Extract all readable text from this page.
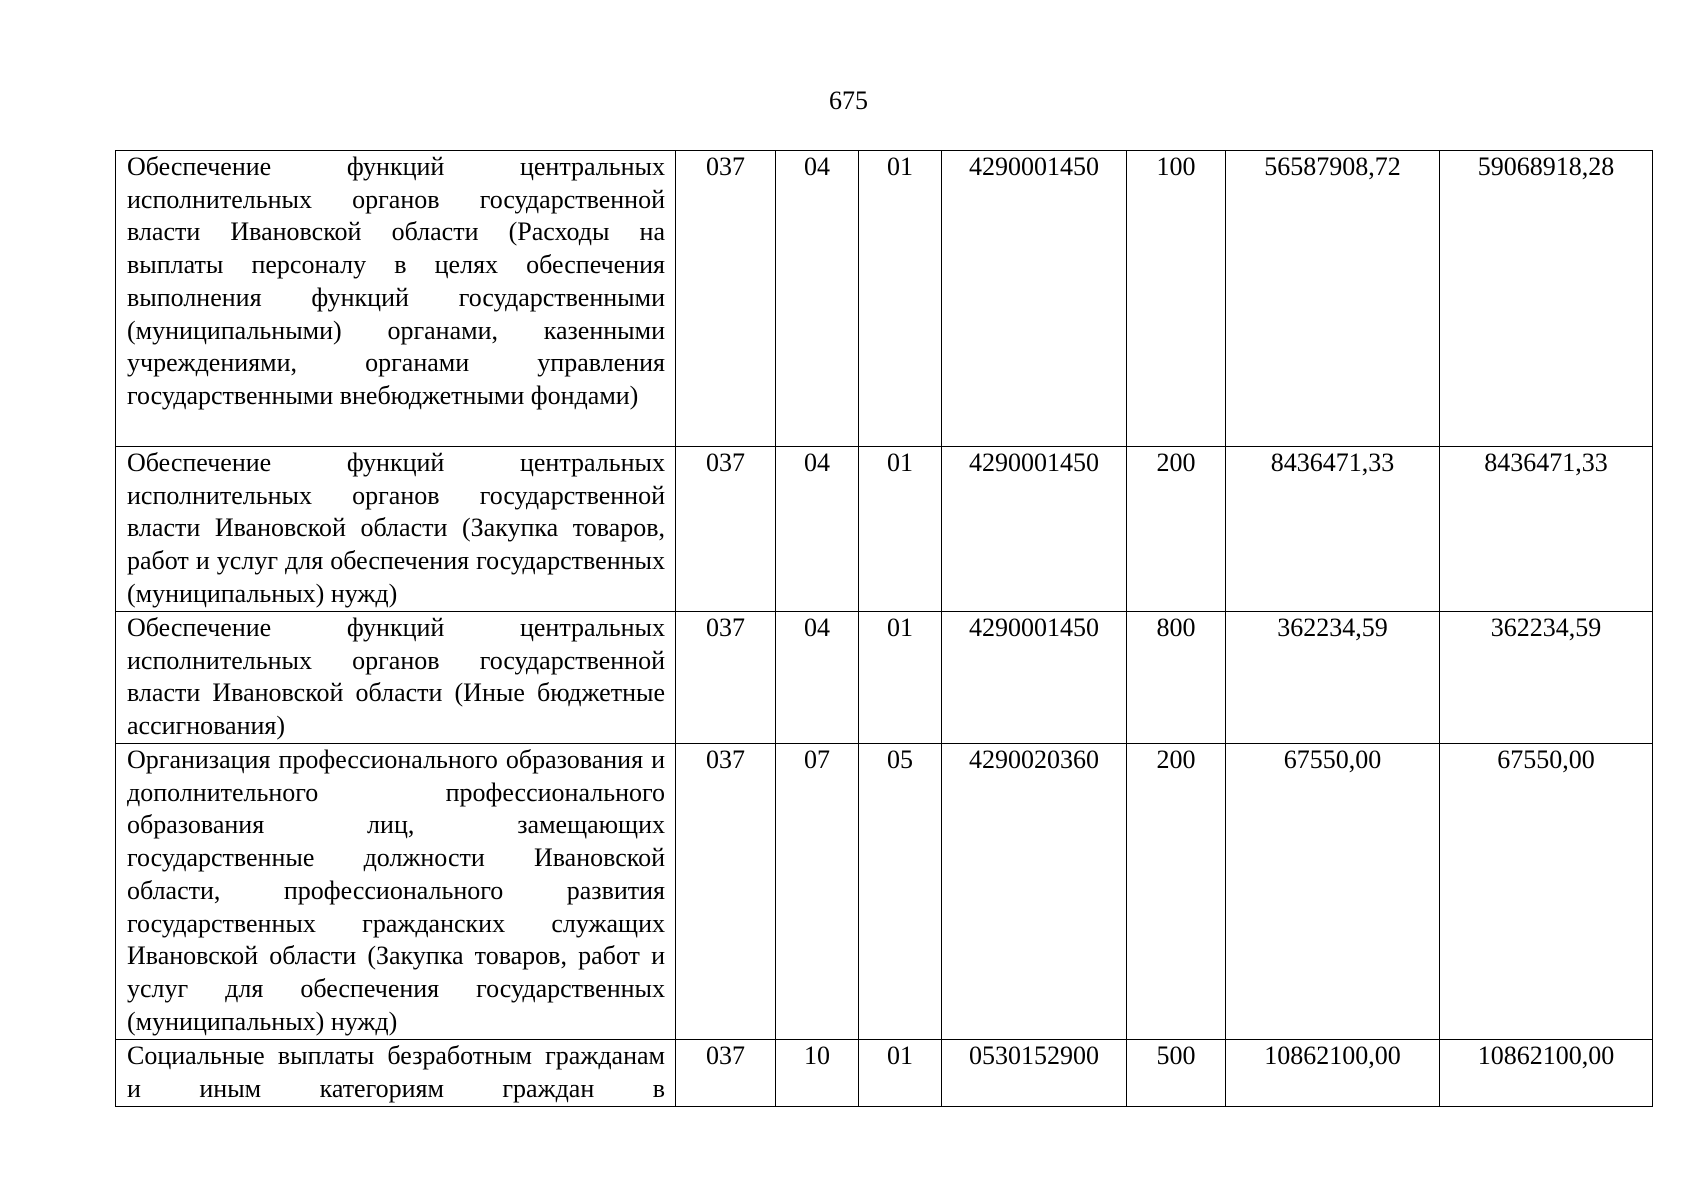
675
Обеспечение функций центральных исполнительных органов государственной власти Ивановской области (Расходы на выплаты персоналу в целях обеспечения выполнения функций государственными (муниципальными) органами, казенными учреждениями, органами управления государственными внебюджетными фондами)	037	04	01	4290001450	100	56587908,72	59068918,28
Обеспечение функций центральных исполнительных органов государственной власти Ивановской области (Закупка товаров, работ и услуг для обеспечения государственных (муниципальных) нужд)	037	04	01	4290001450	200	8436471,33	8436471,33
Обеспечение функций центральных исполнительных органов государственной власти Ивановской области (Иные бюджетные ассигнования)	037	04	01	4290001450	800	362234,59	362234,59
Организация профессионального образования и дополнительного профессионального образования лиц, замещающих государственные должности Ивановской области, профессионального развития государственных гражданских служащих Ивановской области (Закупка товаров, работ и услуг для обеспечения государственных (муниципальных) нужд)	037	07	05	4290020360	200	67550,00	67550,00
Социальные выплаты безработным гражданам и иным категориям граждан в	037	10	01	0530152900	500	10862100,00	10862100,00
